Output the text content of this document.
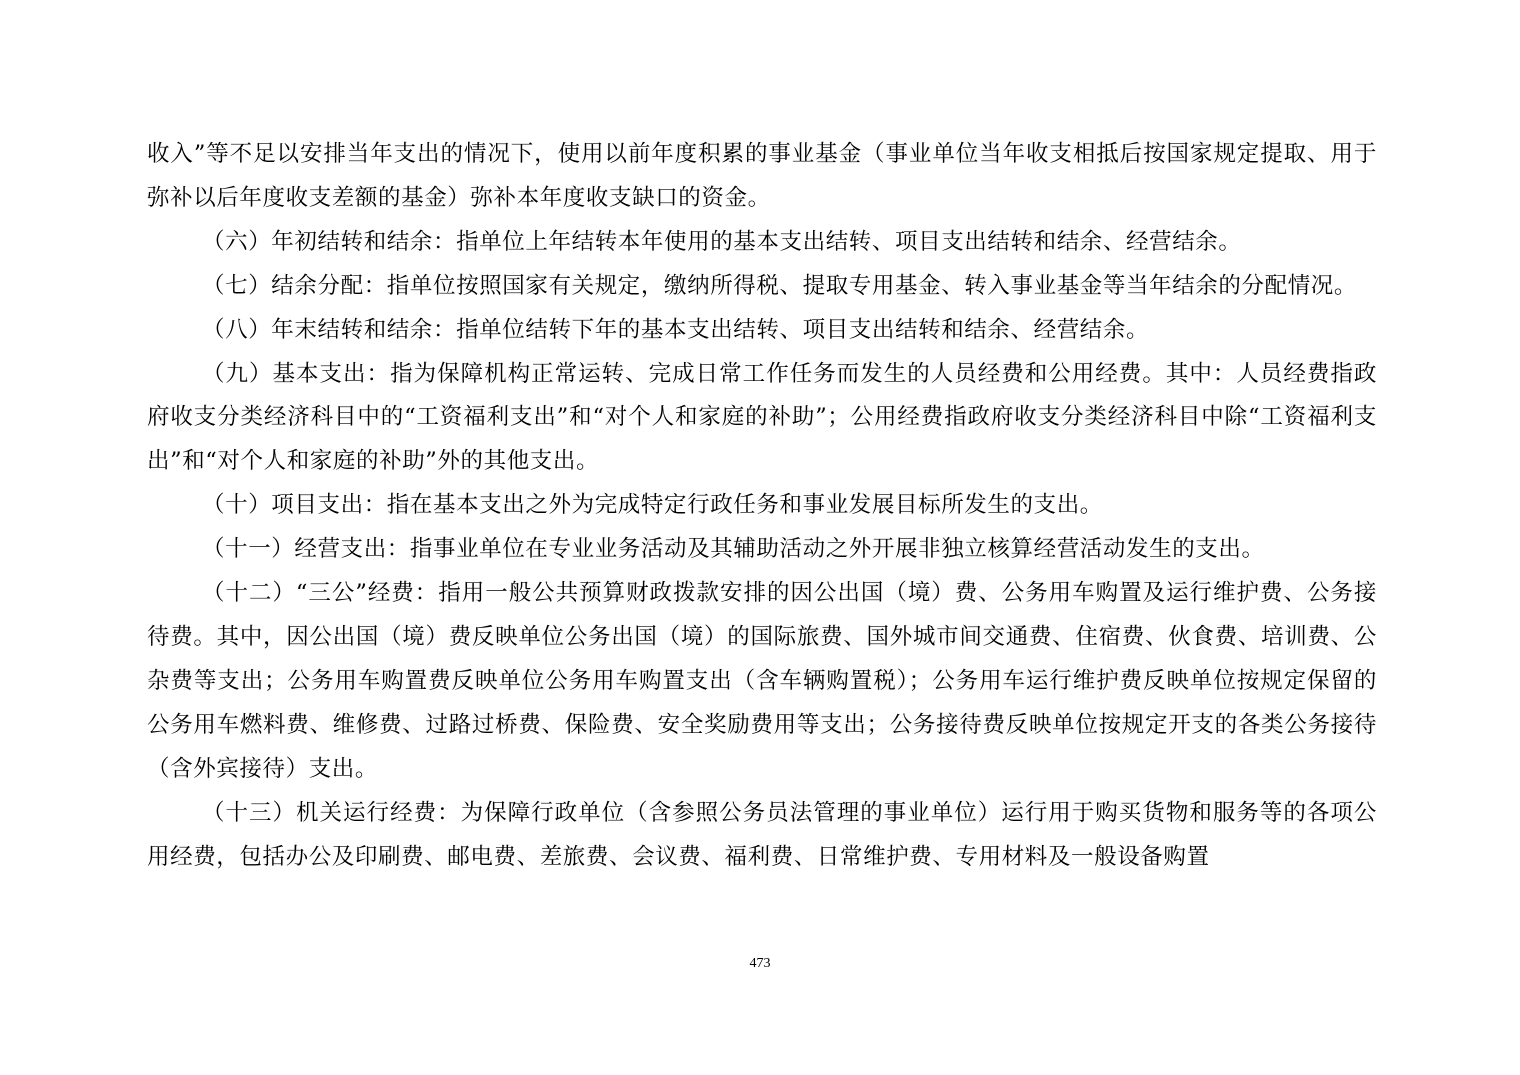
收入”等不足以安排当年支出的情况下，使用以前年度积累的事业基金（事业单位当年收支相抵后按国家规定提取、用于弥补以后年度收支差额的基金）弥补本年度收支缺口的资金。

（六）年初结转和结余：指单位上年结转本年使用的基本支出结转、项目支出结转和结余、经营结余。

（七）结余分配：指单位按照国家有关规定，缴纳所得税、提取专用基金、转入事业基金等当年结余的分配情况。

（八）年末结转和结余：指单位结转下年的基本支出结转、项目支出结转和结余、经营结余。

（九）基本支出：指为保障机构正常运转、完成日常工作任务而发生的人员经费和公用经费。其中：人员经费指政府收支分类经济科目中的“工资福利支出”和“对个人和家庭的补助”；公用经费指政府收支分类经济科目中除“工资福利支出”和“对个人和家庭的补助”外的其他支出。

（十）项目支出：指在基本支出之外为完成特定行政任务和事业发展目标所发生的支出。

（十一）经营支出：指事业单位在专业业务活动及其辅助活动之外开展非独立核算经营活动发生的支出。

（十二）“三公”经费：指用一般公共预算财政拨款安排的因公出国（境）费、公务用车购置及运行维护费、公务接待费。其中，因公出国（境）费反映单位公务出国（境）的国际旅费、国外城市间交通费、住宿费、伙食费、培训费、公杂费等支出；公务用车购置费反映单位公务用车购置支出（含车辆购置税）；公务用车运行维护费反映单位按规定保留的公务用车燃料费、维修费、过路过桥费、保险费、安全奖励费用等支出；公务接待费反映单位按规定开支的各类公务接待（含外宾接待）支出。

（十三）机关运行经费：为保障行政单位（含参照公务员法管理的事业单位）运行用于购买货物和服务等的各项公用经费，包括办公及印刷费、邮电费、差旅费、会议费、福利费、日常维护费、专用材料及一般设备购置

473
